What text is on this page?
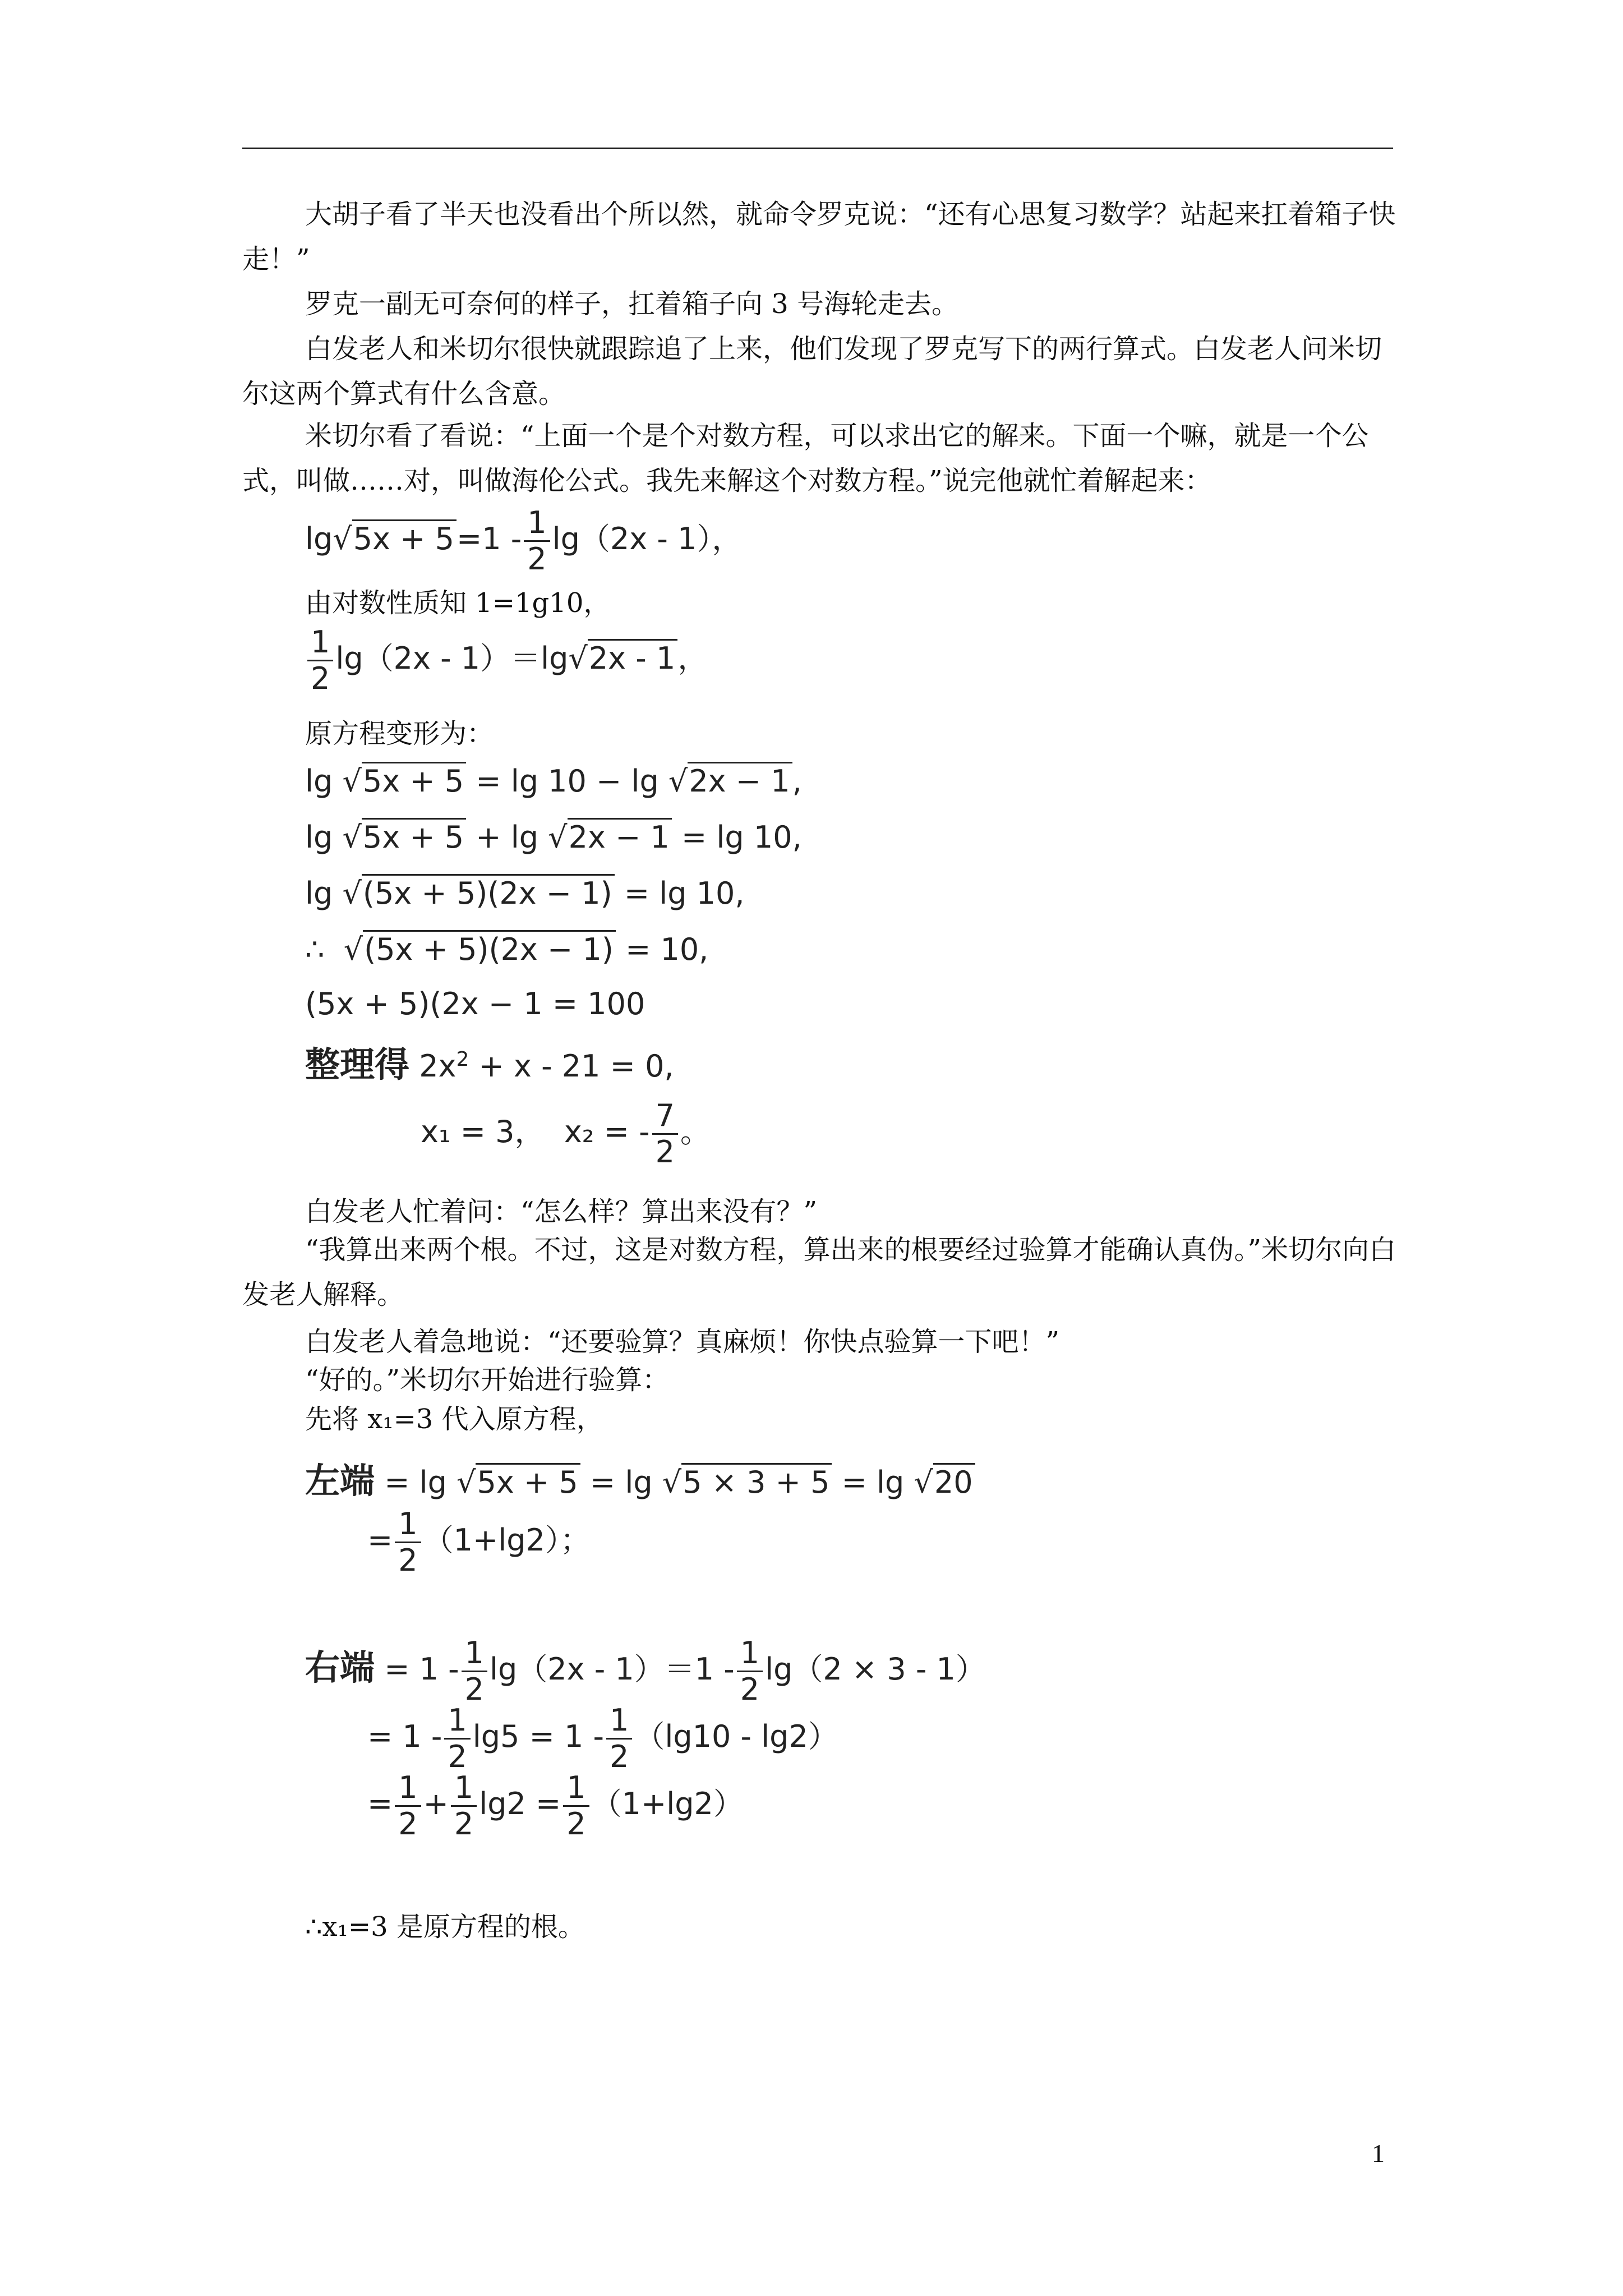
大胡子看了半天也没看出个所以然，就命令罗克说：“还有心思复习数学？站起来扛着箱子快走！”

罗克一副无可奈何的样子，扛着箱子向 3 号海轮走去。

白发老人和米切尔很快就跟踪追了上来，他们发现了罗克写下的两行算式。白发老人问米切尔这两个算式有什么含意。

米切尔看了看说：“上面一个是个对数方程，可以求出它的解来。下面一个嘛，就是一个公式，叫做……对，叫做海伦公式。我先来解这个对数方程。”说完他就忙着解起来：

$\lg√5x + 5=1 - \frac{1}{2} \lg(2x - 1)$，

由对数性质知 1=1g10，

$\frac{1}{2} \lg(2x - 1)=\lg√2x - 1$，

原方程变形为：

lg √5x + 5 = lg 10 − lg √2x − 1,
lg √5x + 5 + lg √2x − 1 = lg 10,
lg √(5x + 5)(2x − 1) = lg 10,
∴ √(5x + 5)(2x − 1) = 10,
(5x + 5)(2x − 1 = 100
整理得 $2x^2 + x - 21 = 0$,
x₁ = 3， x₂ = - $\frac{7}{2}$ 。

白发老人忙着问：“怎么样？算出来没有？”

“我算出来两个根。不过，这是对数方程，算出来的根要经过验算才能确认真伪。”米切尔向白发老人解释。

白发老人着急地说：“还要验算？真麻烦！你快点验算一下吧！”

“好的。”米切尔开始进行验算：

先将 x₁=3 代入原方程，

左端 = lg √5x + 5 = lg √5 × 3 + 5 = lg √20
= $\frac{1}{2} (1+\lg 2)$；
右端 = $1 - \frac{1}{2} \lg(2x - 1)=1 - \frac{1}{2} \lg(2 \times 3 - 1)$
= $1 - \frac{1}{2} \lg 5 = 1 - \frac{1}{2} (\lg 10 - \lg 2)$
= $\frac{1}{2} + \frac{1}{2} \lg 2 = \frac{1}{2} (1+\lg 2)$

∴x₁=3 是原方程的根。

1
